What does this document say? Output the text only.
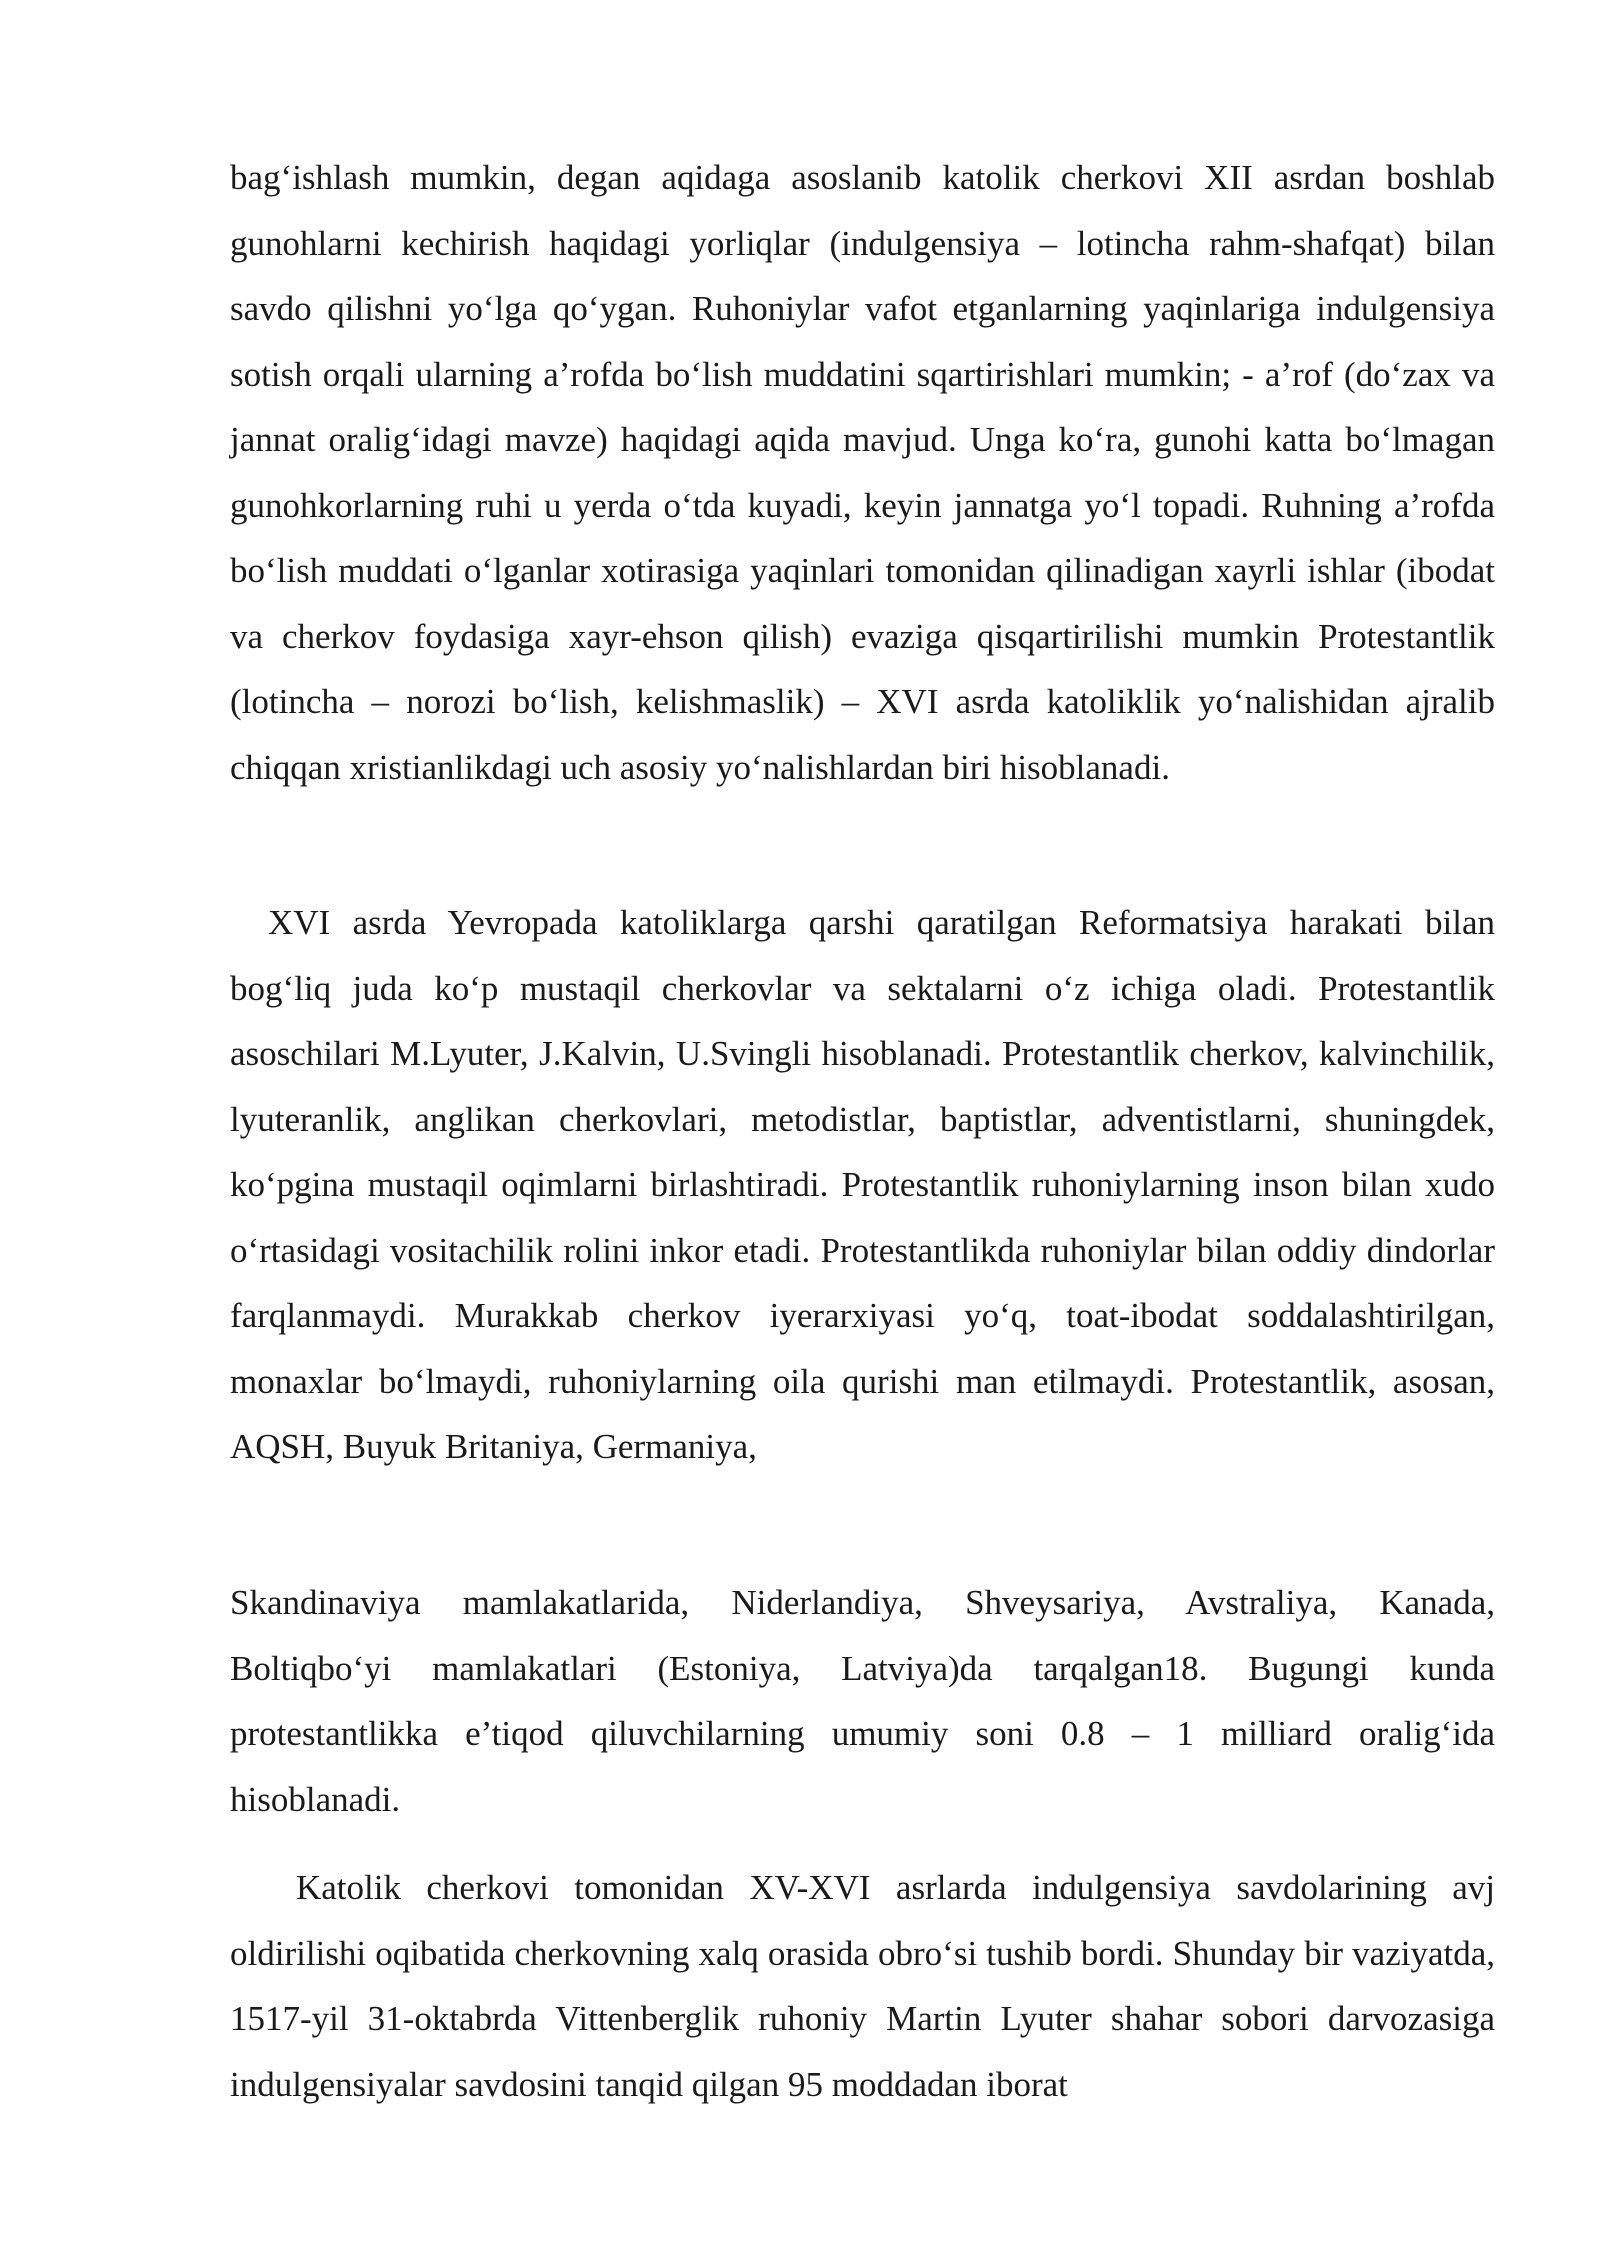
bag‘ishlash mumkin, degan aqidaga asoslanib katolik cherkovi XII asrdan boshlab gunohlarni kechirish haqidagi yorliqlar (indulgensiya – lotincha rahm-shafqat) bilan savdo qilishni yo‘lga qo‘ygan. Ruhoniylar vafot etganlarning yaqinlariga indulgensiya sotish orqali ularning a’rofda bo‘lish muddatini sqartirishlari mumkin; - a’rof (do‘zax va jannat oralig‘idagi mavze) haqidagi aqida mavjud. Unga ko‘ra, gunohi katta bo‘lmagan gunohkorlarning ruhi u yerda o‘tda kuyadi, keyin jannatga yo‘l topadi. Ruhning a’rofda bo‘lish muddati o‘lganlar xotirasiga yaqinlari tomonidan qilinadigan xayrli ishlar (ibodat va cherkov foydasiga xayr-ehson qilish) evaziga qisqartirilishi mumkin Protestantlik (lotincha – norozi bo‘lish, kelishmaslik) – XVI asrda katoliklik yo‘nalishidan ajralib chiqqan xristianlikdagi uch asosiy yo‘nalishlardan biri hisoblanadi.

XVI asrda Yevropada katoliklarga qarshi qaratilgan Reformatsiya harakati bilan bog‘liq juda ko‘p mustaqil cherkovlar va sektalarni o‘z ichiga oladi. Protestantlik asoschilari M.Lyuter, J.Kalvin, U.Svingli hisoblanadi. Protestantlik cherkov, kalvinchilik, lyuteranlik, anglikan cherkovlari, metodistlar, baptistlar, adventistlarni, shuningdek, ko‘pgina mustaqil oqimlarni birlashtiradi. Protestantlik ruhoniylarning inson bilan xudo o‘rtasidagi vositachilik rolini inkor etadi. Protestantlikda ruhoniylar bilan oddiy dindorlar farqlanmaydi. Murakkab cherkov iyerarxiyasi yo‘q, toat-ibodat soddalashtirilgan, monaxlar bo‘lmaydi, ruhoniylarning oila qurishi man etilmaydi. Protestantlik, asosan, AQSH, Buyuk Britaniya, Germaniya,

Skandinaviya mamlakatlarida, Niderlandiya, Shveysariya, Avstraliya, Kanada, Boltiqbo‘yi mamlakatlari (Estoniya, Latviya)da tarqalgan18. Bugungi kunda protestantlikka e’tiqod qiluvchilarning umumiy soni 0.8 – 1 milliard oralig‘ida hisoblanadi.

Katolik cherkovi tomonidan XV-XVI asrlarda indulgensiya savdolarining avj oldirilishi oqibatida cherkovning xalq orasida obro‘si tushib bordi. Shunday bir vaziyatda, 1517-yil 31-oktabrda Vittenberglik ruhoniy Martin Lyuter shahar sobori darvozasiga indulgensiyalar savdosini tanqid qilgan 95 moddadan iborat
